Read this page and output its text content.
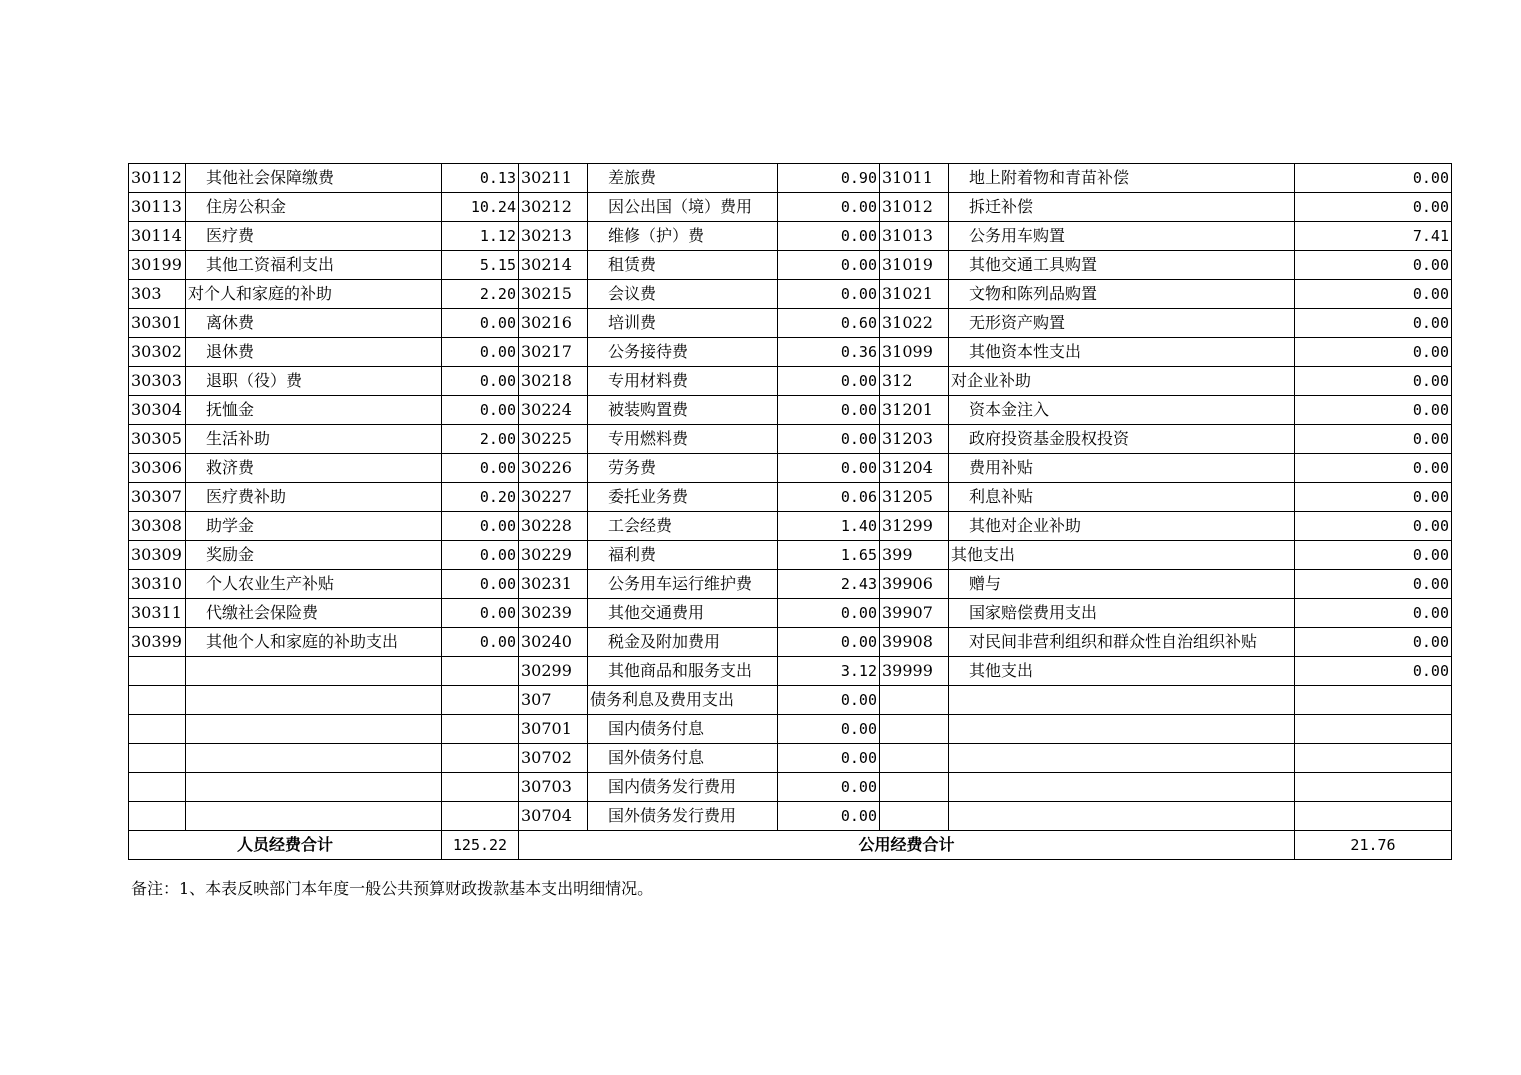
30112	其他社会保障缴费	0.13	30211	差旅费	0.90	31011	地上附着物和青苗补偿	0.00
30113	住房公积金	10.24	30212	因公出国（境）费用	0.00	31012	拆迁补偿	0.00
30114	医疗费	1.12	30213	维修（护）费	0.00	31013	公务用车购置	7.41
30199	其他工资福利支出	5.15	30214	租赁费	0.00	31019	其他交通工具购置	0.00
303	对个人和家庭的补助	2.20	30215	会议费	0.00	31021	文物和陈列品购置	0.00
30301	离休费	0.00	30216	培训费	0.60	31022	无形资产购置	0.00
30302	退休费	0.00	30217	公务接待费	0.36	31099	其他资本性支出	0.00
30303	退职（役）费	0.00	30218	专用材料费	0.00	312	对企业补助	0.00
30304	抚恤金	0.00	30224	被装购置费	0.00	31201	资本金注入	0.00
30305	生活补助	2.00	30225	专用燃料费	0.00	31203	政府投资基金股权投资	0.00
30306	救济费	0.00	30226	劳务费	0.00	31204	费用补贴	0.00
30307	医疗费补助	0.20	30227	委托业务费	0.06	31205	利息补贴	0.00
30308	助学金	0.00	30228	工会经费	1.40	31299	其他对企业补助	0.00
30309	奖励金	0.00	30229	福利费	1.65	399	其他支出	0.00
30310	个人农业生产补贴	0.00	30231	公务用车运行维护费	2.43	39906	赠与	0.00
30311	代缴社会保险费	0.00	30239	其他交通费用	0.00	39907	国家赔偿费用支出	0.00
30399	其他个人和家庭的补助支出	0.00	30240	税金及附加费用	0.00	39908	对民间非营利组织和群众性自治组织补贴	0.00
			30299	其他商品和服务支出	3.12	39999	其他支出	0.00
			307	债务利息及费用支出	0.00			
			30701	国内债务付息	0.00			
			30702	国外债务付息	0.00			
			30703	国内债务发行费用	0.00			
			30704	国外债务发行费用	0.00			
人员经费合计		125.22	公用经费合计					21.76
备注：1、本表反映部门本年度一般公共预算财政拨款基本支出明细情况。
